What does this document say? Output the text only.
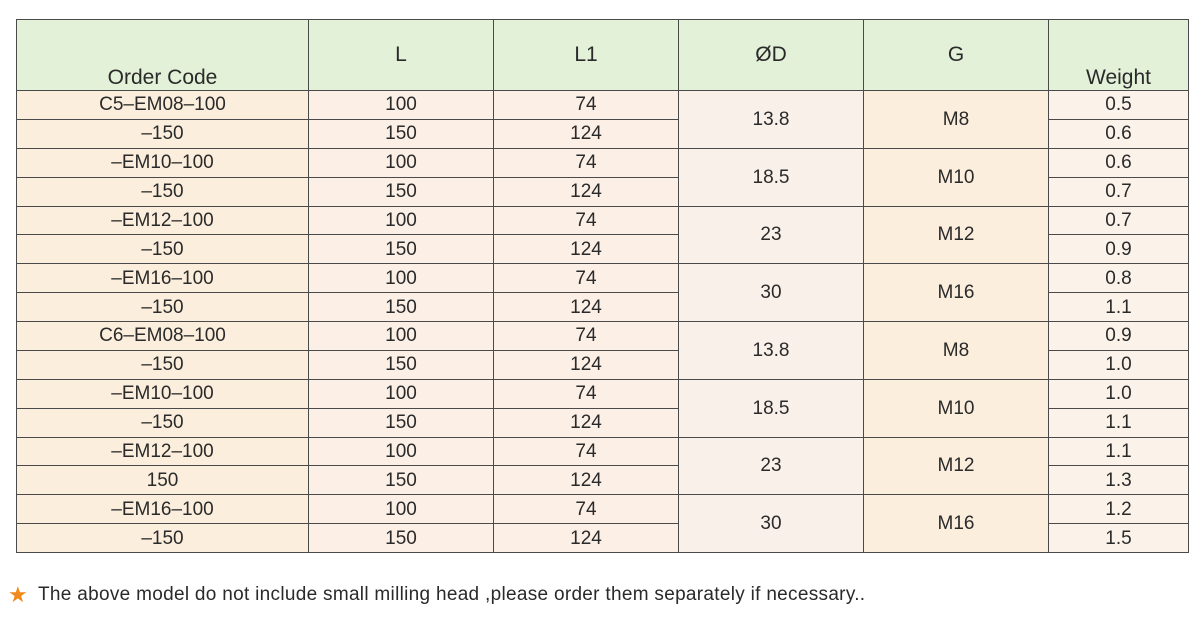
Order Code	L	L1	ØD	G	Weight
C5–EM08–100	100	74	13.8	M8	0.5
–150	150	124			0.6
–EM10–100	100	74	18.5	M10	0.6
–150	150	124			0.7
–EM12–100	100	74	23	M12	0.7
–150	150	124			0.9
–EM16–100	100	74	30	M16	0.8
–150	150	124			1.1
C6–EM08–100	100	74	13.8	M8	0.9
–150	150	124			1.0
–EM10–100	100	74	18.5	M10	1.0
–150	150	124			1.1
–EM12–100	100	74	23	M12	1.1
150	150	124			1.3
–EM16–100	100	74	30	M16	1.2
–150	150	124			1.5
★ The above model do not include small milling head ,please order them separately if necessary..
